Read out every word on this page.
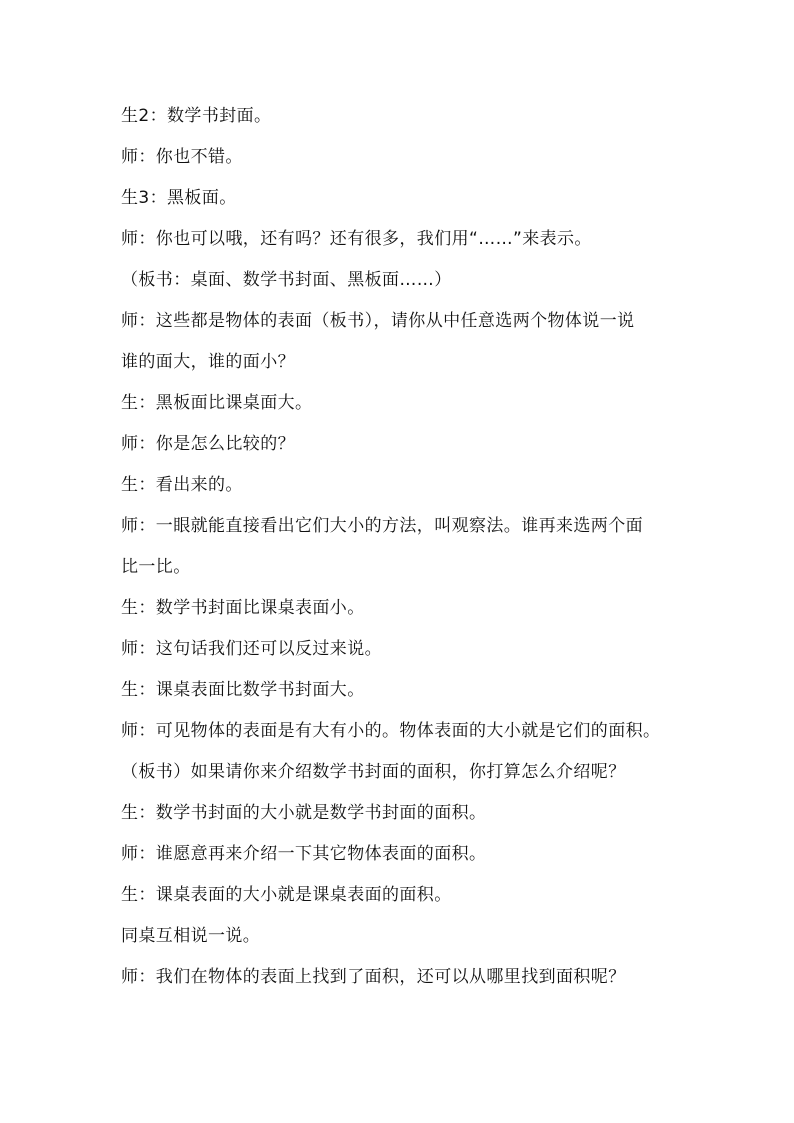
生2：数学书封面。
师：你也不错。
生3：黑板面。
师：你也可以哦，还有吗？还有很多，我们用“……”来表示。
（板书：桌面、数学书封面、黑板面……）
师：这些都是物体的表面（板书），请你从中任意选两个物体说一说
谁的面大，谁的面小？
生：黑板面比课桌面大。
师：你是怎么比较的？
生：看出来的。
师：一眼就能直接看出它们大小的方法，叫观察法。谁再来选两个面
比一比。
生：数学书封面比课桌表面小。
师：这句话我们还可以反过来说。
生：课桌表面比数学书封面大。
师：可见物体的表面是有大有小的。物体表面的大小就是它们的面积。
（板书）如果请你来介绍数学书封面的面积，你打算怎么介绍呢？
生：数学书封面的大小就是数学书封面的面积。
师：谁愿意再来介绍一下其它物体表面的面积。
生：课桌表面的大小就是课桌表面的面积。
同桌互相说一说。
师：我们在物体的表面上找到了面积，还可以从哪里找到面积呢？
